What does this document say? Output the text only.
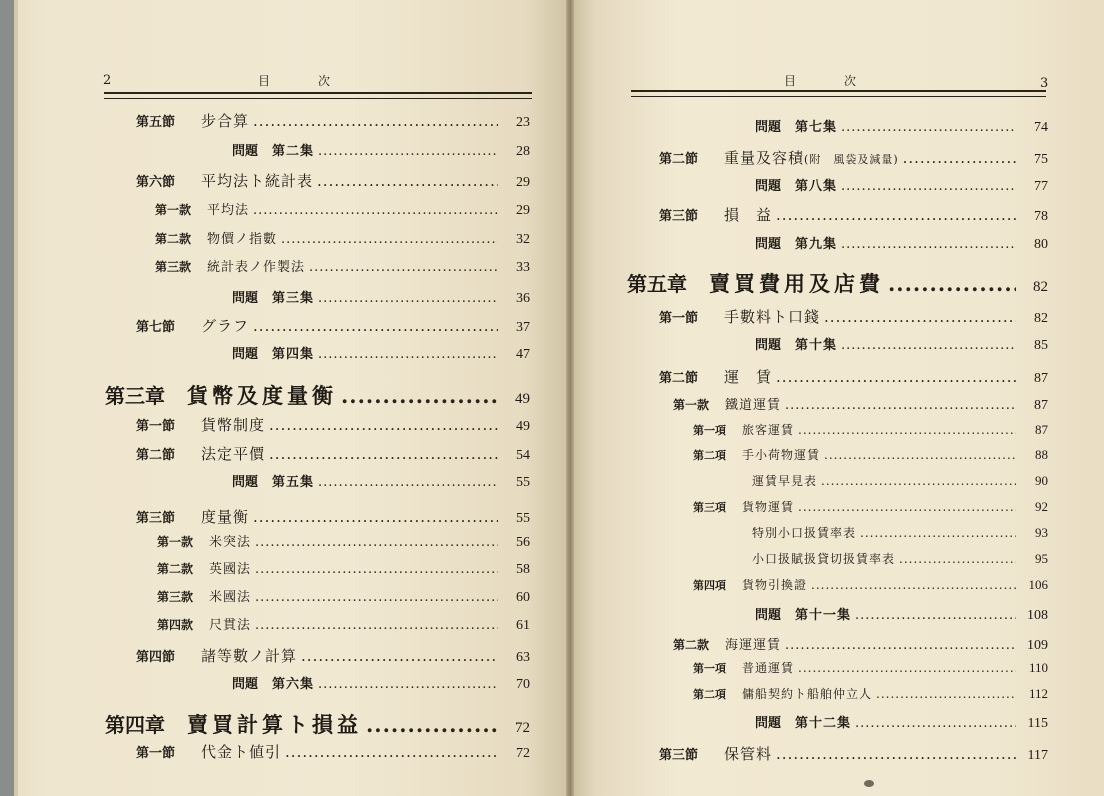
2	目　　次	3
目　　次
第五節 步合算 .....	23
問題 第二集 .....	28
第六節 平均法ト統計表 .....	29
第一款 平均法 .....	29
第二款 物價ノ指數 .....	32
第三款 統計表ノ作製法 .....	33
問題 第三集 .....	36
第七節 グラフ .....	37
問題 第四集 .....	47
第三章 貨幣及度量衡 .....	49
第一節 貨幣制度 .....	49
第二節 法定平價 .....	54
問題 第五集 .....	55
第三節 度量衡 .....	55
第一款 米突法 .....	56
第二款 英國法 .....	58
第三款 米國法 .....	60
第四款 尺貫法 .....	61
第四節 諸等數ノ計算 .....	63
問題 第六集 .....	70
第四章 賣買計算ト損益 .....	72
第一節 代金ト値引 .....	72
問題 第七集 .....	74
第二節 重量及容積 (附　風袋及減量) .....	75
問題 第八集 .....	77
第三節 損　益 .....	78
問題 第九集 .....	80
第五章 賣買費用及店費 .....	82
第一節 手數料ト口錢 .....	82
問題 第十集 .....	85
第二節 運　賃 .....	87
第一款 鐵道運賃 .....	87
第一項 旅客運賃 .....	87
第二項 手小荷物運賃 .....	88
運賃早見表 .....	90
第三項 貨物運賃 .....	92
特別小口扱賃率表 .....	93
小口扱賦扱貸切扱賃率表 .....	95
第四項 貨物引換證 .....	106
問題 第十一集 .....	108
第二款 海運運賃 .....	109
第一項 普通運賃 .....	110
第二項 傭船契約ト船舶仲立人 .....	112
問題 第十二集 .....	115
第三節 保管料 .....	117
